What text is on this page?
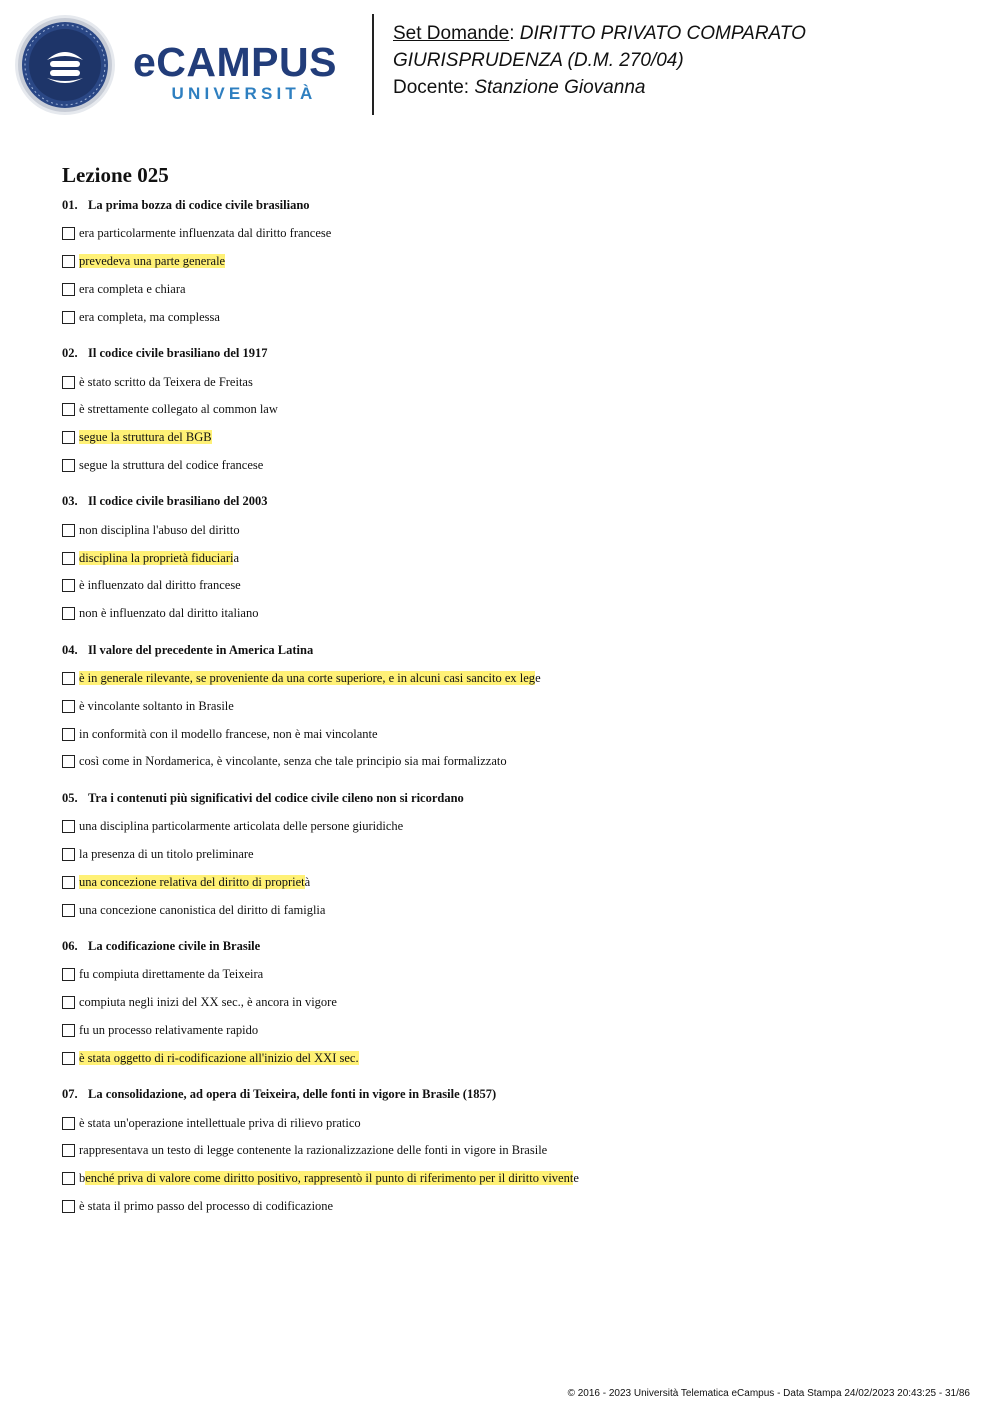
eCAMPUS
UNIVERSITÀ
Set Domande: DIRITTO PRIVATO COMPARATO
GIURISPRUDENZA (D.M. 270/04)
Docente: Stanzione Giovanna
Lezione 025
01. La prima bozza di codice civile brasiliano
era particolarmente influenzata dal diritto francese
prevedeva una parte generale
era completa e chiara
era completa, ma complessa
02. Il codice civile brasiliano del 1917
è stato scritto da Teixera de Freitas
è strettamente collegato al common law
segue la struttura del BGB
segue la struttura del codice francese
03. Il codice civile brasiliano del 2003
non disciplina l'abuso del diritto
disciplina la proprietà fiduciaria
è influenzato dal diritto francese
non è influenzato dal diritto italiano
04. Il valore del precedente in America Latina
è in generale rilevante, se proveniente da una corte superiore, e in alcuni casi sancito ex lege
è vincolante soltanto in Brasile
in conformità con il modello francese, non è mai vincolante
così come in Nordamerica, è vincolante, senza che tale principio sia mai formalizzato
05. Tra i contenuti più significativi del codice civile cileno non si ricordano
una disciplina particolarmente articolata delle persone giuridiche
la presenza di un titolo preliminare
una concezione relativa del diritto di proprietà
una concezione canonistica del diritto di famiglia
06. La codificazione civile in Brasile
fu compiuta direttamente da Teixeira
compiuta negli inizi del XX sec., è ancora in vigore
fu un processo relativamente rapido
è stata oggetto di ri-codificazione all'inizio del XXI sec.
07. La consolidazione, ad opera di Teixeira, delle fonti in vigore in Brasile (1857)
è stata un'operazione intellettuale priva di rilievo pratico
rappresentava un testo di legge contenente la razionalizzazione delle fonti in vigore in Brasile
benché priva di valore come diritto positivo, rappresentò il punto di riferimento per il diritto vivente
è stata il primo passo del processo di codificazione
© 2016 - 2023 Università Telematica eCampus - Data Stampa 24/02/2023 20:43:25 - 31/86
